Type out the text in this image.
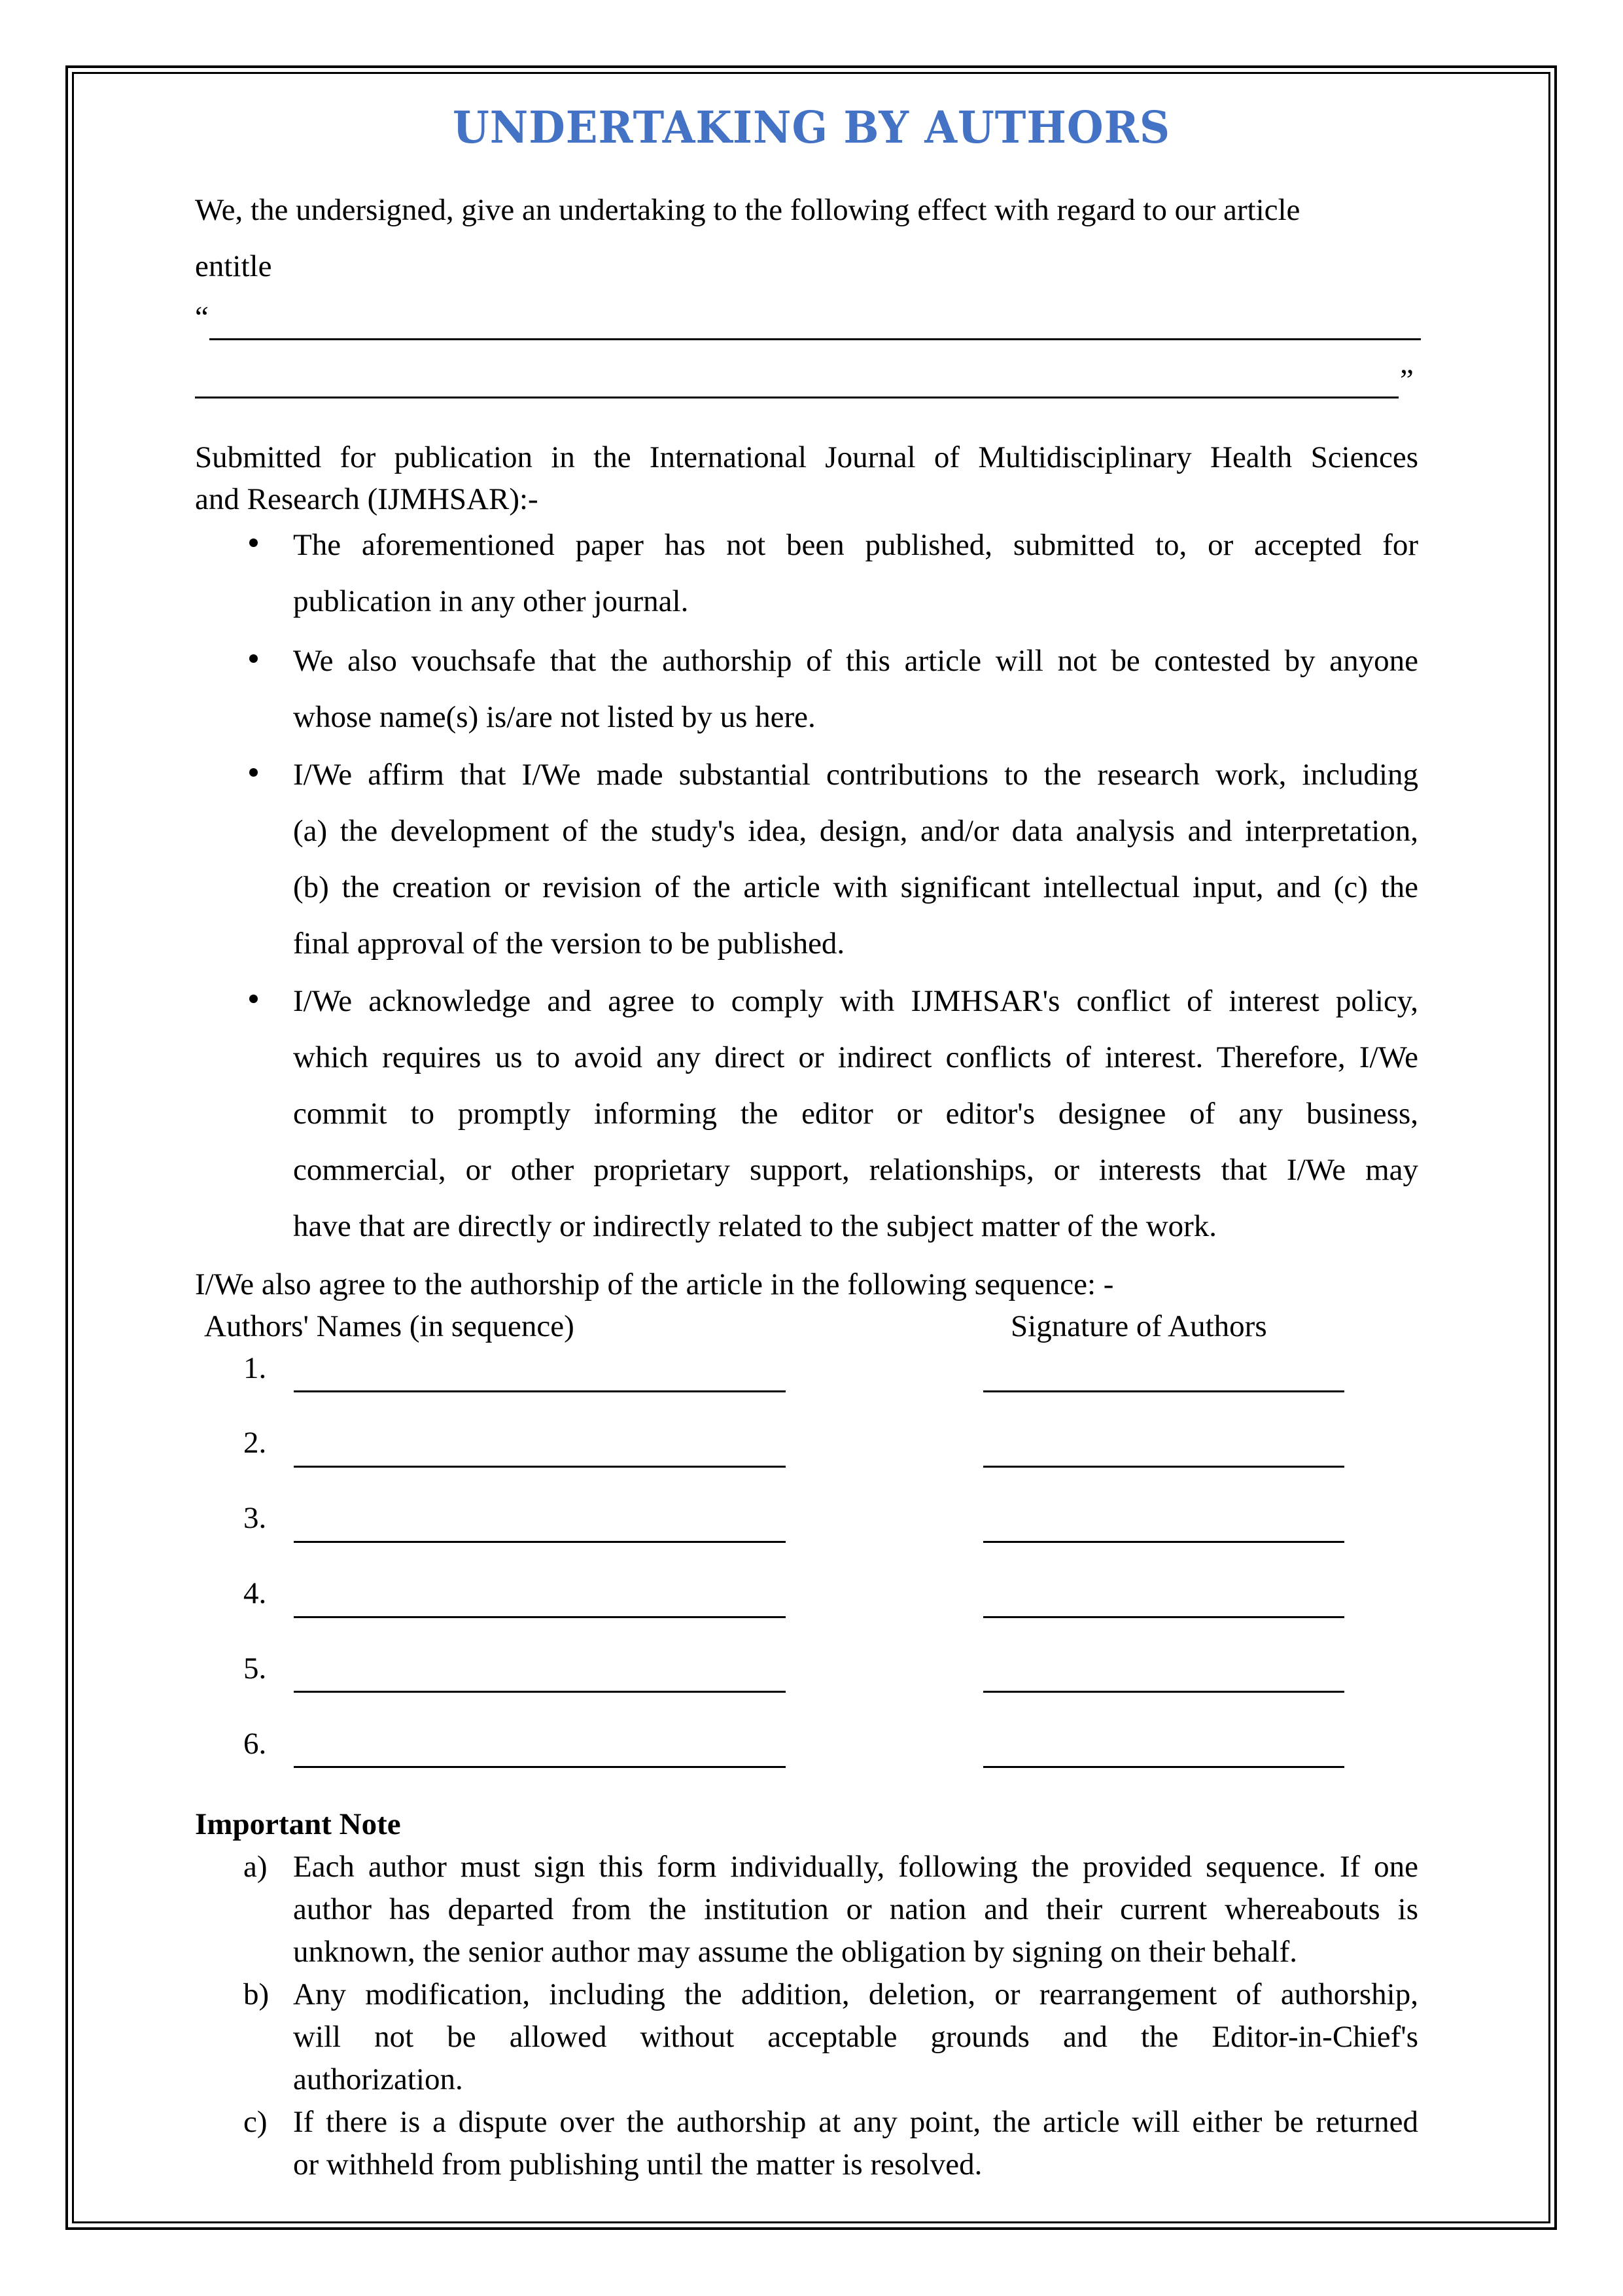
UNDERTAKING BY AUTHORS
We, the undersigned, give an undertaking to the following effect with regard to our article
entitle
“
”
Submitted for publication in the International Journal of Multidisciplinary Health Sciences
and Research (IJMHSAR):-
The aforementioned paper has not been published, submitted to, or accepted for
publication in any other journal.
We also vouchsafe that the authorship of this article will not be contested by anyone
whose name(s) is/are not listed by us here.
I/We affirm that I/We made substantial contributions to the research work, including
(a) the development of the study's idea, design, and/or data analysis and interpretation,
(b) the creation or revision of the article with significant intellectual input, and (c) the
final approval of the version to be published.
I/We acknowledge and agree to comply with IJMHSAR's conflict of interest policy,
which requires us to avoid any direct or indirect conflicts of interest. Therefore, I/We
commit to promptly informing the editor or editor's designee of any business,
commercial, or other proprietary support, relationships, or interests that I/We may
have that are directly or indirectly related to the subject matter of the work.
I/We also agree to the authorship of the article in the following sequence: -
Authors' Names (in sequence)	Signature of Authors
1.
2.
3.
4.
5.
6.
Important Note
a) Each author must sign this form individually, following the provided sequence. If one
author has departed from the institution or nation and their current whereabouts is
unknown, the senior author may assume the obligation by signing on their behalf.
b) Any modification, including the addition, deletion, or rearrangement of authorship,
will not be allowed without acceptable grounds and the Editor-in-Chief's
authorization.
c) If there is a dispute over the authorship at any point, the article will either be returned
or withheld from publishing until the matter is resolved.
